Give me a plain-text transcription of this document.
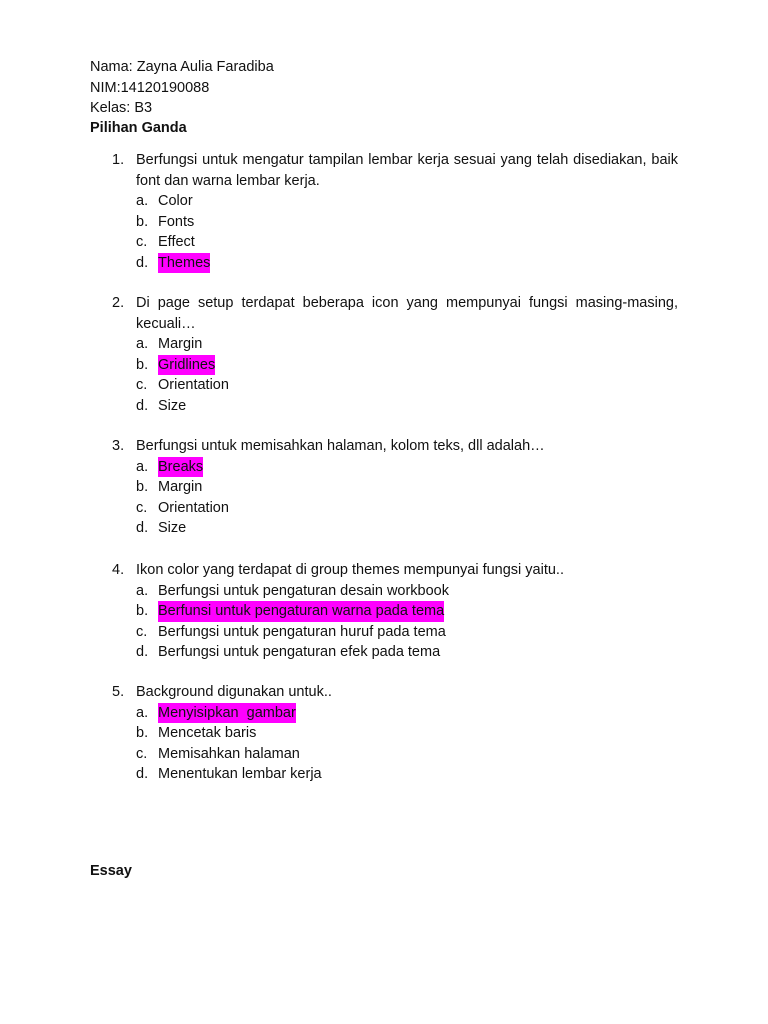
Nama: Zayna Aulia Faradiba
NIM:14120190088
Kelas: B3
Pilihan Ganda
1. Berfungsi untuk mengatur tampilan lembar kerja sesuai yang telah disediakan, baik font dan warna lembar kerja.
a. Color
b. Fonts
c. Effect
d. Themes
2. Di page setup terdapat beberapa icon yang mempunyai fungsi masing-masing, kecuali…
a. Margin
b. Gridlines
c. Orientation
d. Size
3. Berfungsi untuk memisahkan halaman, kolom teks, dll adalah…
a. Breaks
b. Margin
c. Orientation
d. Size
4. Ikon color yang terdapat di group themes mempunyai fungsi yaitu..
a. Berfungsi untuk pengaturan desain workbook
b. Berfunsi untuk pengaturan warna pada tema
c. Berfungsi untuk pengaturan huruf pada tema
d. Berfungsi untuk pengaturan efek pada tema
5. Background digunakan untuk..
a. Menyisipkan  gambar
b. Mencetak baris
c. Memisahkan halaman
d. Menentukan lembar kerja
Essay
